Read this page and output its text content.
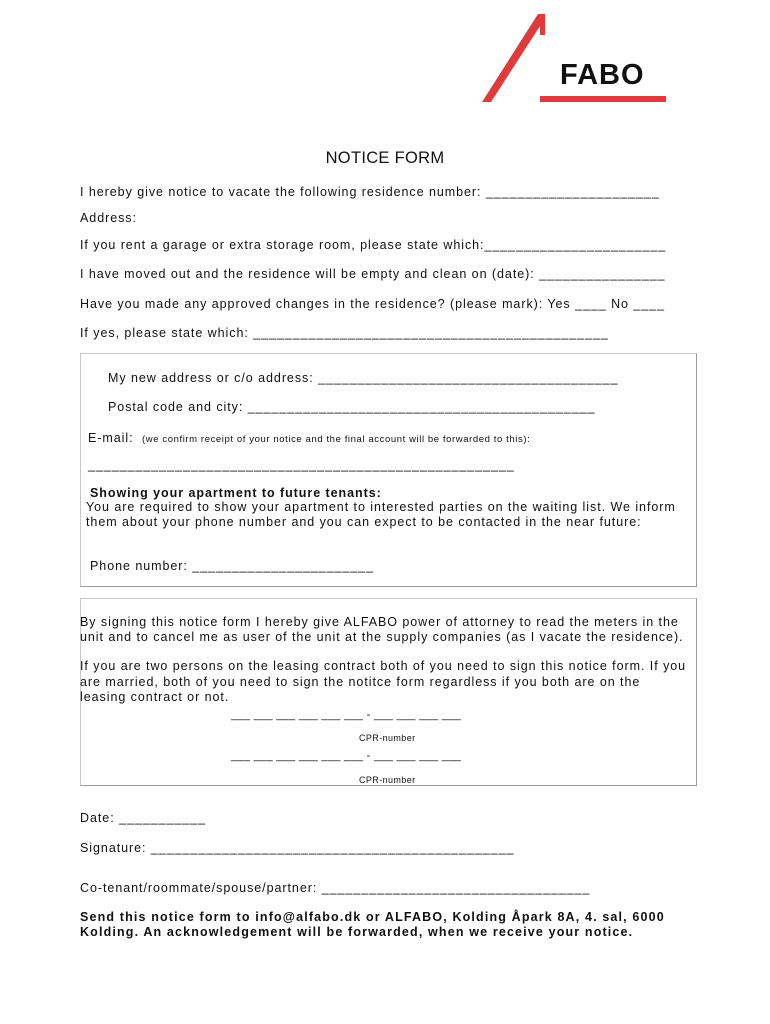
FABO
NOTICE FORM
I hereby give notice to vacate the following residence number: ______________________
Address:
If you rent a garage or extra storage room, please state which:_______________________
I have moved out and the residence will be empty and clean on (date): ________________
Have you made any approved changes in the residence? (please mark): Yes ____ No ____
If yes, please state which: _____________________________________________
My new address or c/o address: ______________________________________
Postal code and city: ____________________________________________
E-mail: (we confirm receipt of your notice and the final account will be forwarded to this):
______________________________________________________
Showing your apartment to future tenants:
You are required to show your apartment to interested parties on the waiting list. We inform
them about your phone number and you can expect to be contacted in the near future:
Phone number: _______________________
By signing this notice form I hereby give ALFABO power of attorney to read the meters in the
unit and to cancel me as user of the unit at the supply companies (as I vacate the residence).
If you are two persons on the leasing contract both of you need to sign this notice form. If you
are married, both of you need to sign the notitce form regardless if you both are on the
leasing contract or not.
___ ___ ___ ___ ___ ___ - ___ ___ ___ ___
CPR-number
___ ___ ___ ___ ___ ___ - ___ ___ ___ ___
CPR-number
Date: ___________
Signature: ______________________________________________
Co-tenant/roommate/spouse/partner: __________________________________
Send this notice form to info@alfabo.dk or ALFABO, Kolding Åpark 8A, 4. sal, 6000
Kolding. An acknowledgement will be forwarded, when we receive your notice.
